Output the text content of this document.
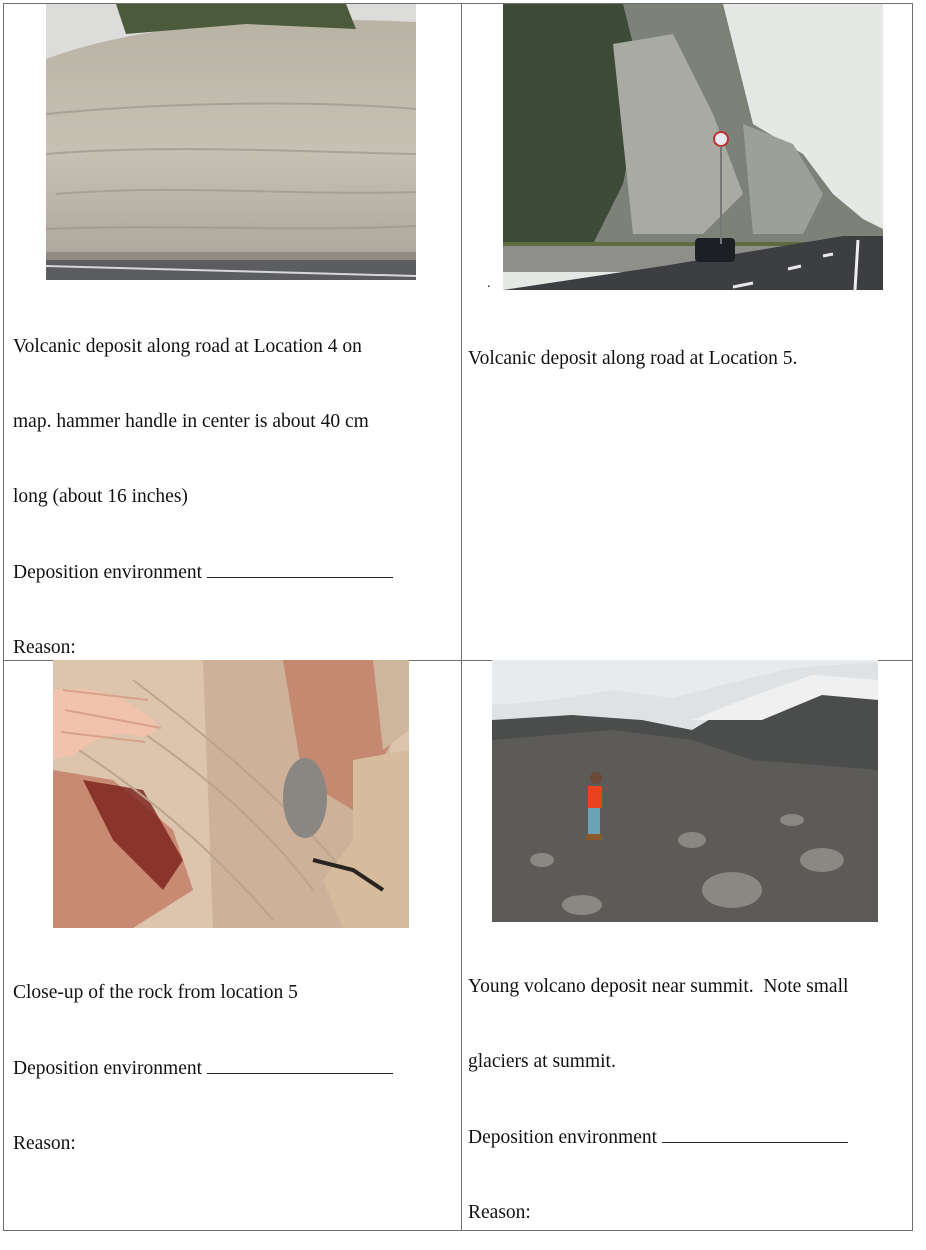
Volcanic deposit along road at Location 4 on

map. hammer handle in center is about 40 cm

long (about 16 inches)

Deposition environment

Reason:

.

Volcanic deposit along road at Location 5.

Close-up of the rock from location 5

Deposition environment

Reason:

Young volcano deposit near summit.  Note small

glaciers at summit.

Deposition environment

Reason:
